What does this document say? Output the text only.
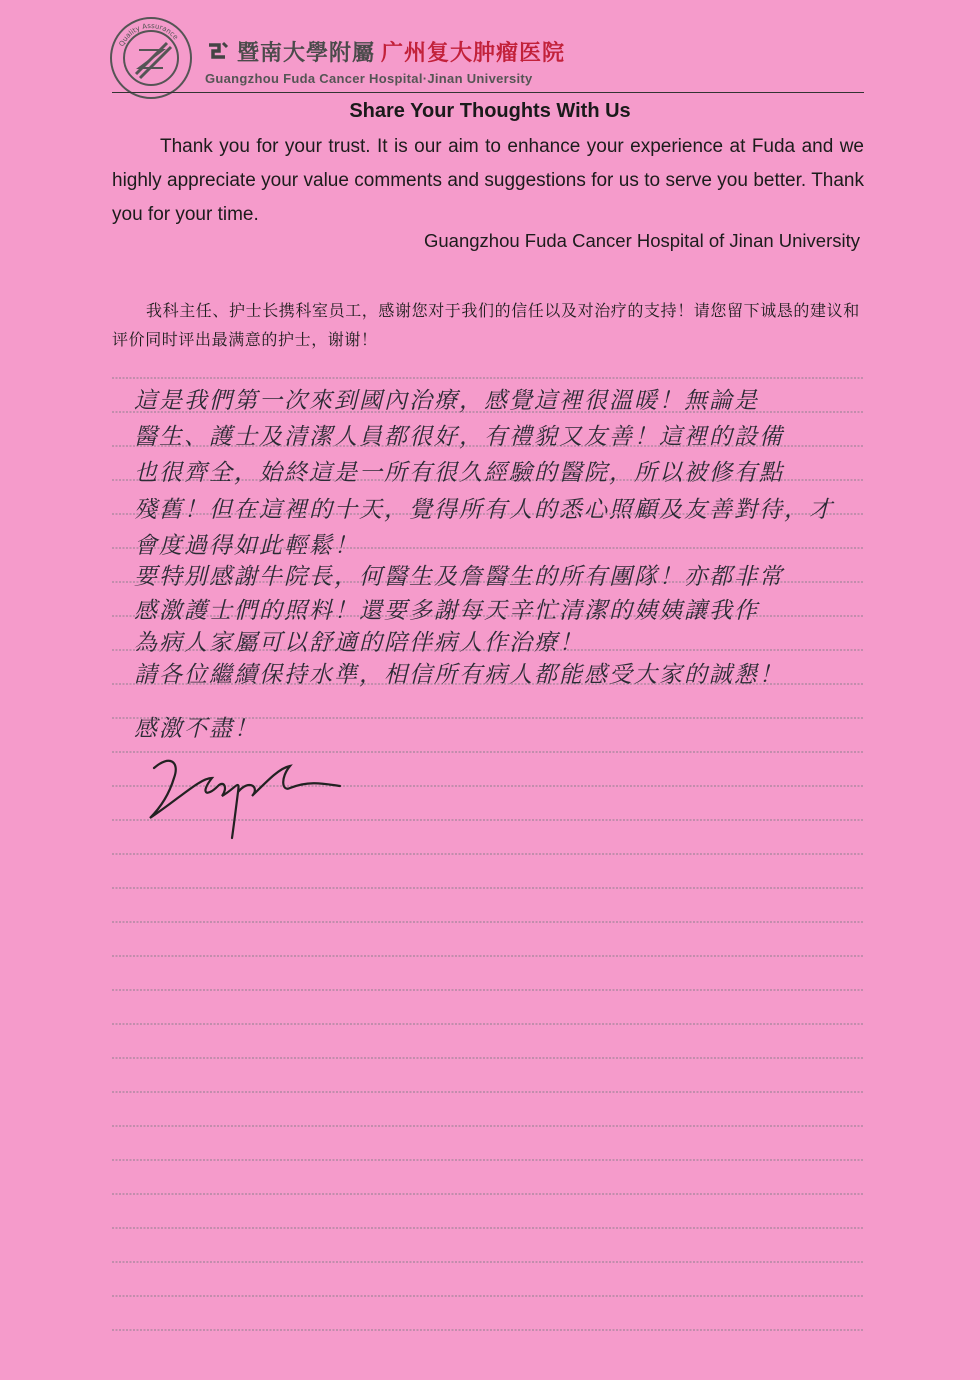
Quality Assurance
暨南大學附屬 广州复大肿瘤医院
Guangzhou Fuda Cancer Hospital·Jinan University
Share Your Thoughts With Us
Thank you for your trust. It is our aim to enhance your experience at Fuda and we highly appreciate your value comments and suggestions for us to serve you better. Thank you for your time.
Guangzhou Fuda Cancer Hospital of Jinan University
我科主任、护士长携科室员工，感谢您对于我们的信任以及对治疗的支持！请您留下诚恳的建议和评价同时评出最满意的护士，谢谢！
這是我們第一次來到國內治療，感覺這裡很溫暖！無論是
醫生、護士及清潔人員都很好，有禮貌又友善！這裡的設備
也很齊全，始終這是一所有很久經驗的醫院，所以被修有點
殘舊！但在這裡的十天，覺得所有人的悉心照顧及友善對待，才
會度過得如此輕鬆！
要特別感謝牛院長，何醫生及詹醫生的所有團隊！亦都非常
感激護士們的照料！還要多謝每天辛忙清潔的姨姨讓我作
為病人家屬可以舒適的陪伴病人作治療！
請各位繼續保持水準，相信所有病人都能感受大家的誠懇！
感激不盡！
